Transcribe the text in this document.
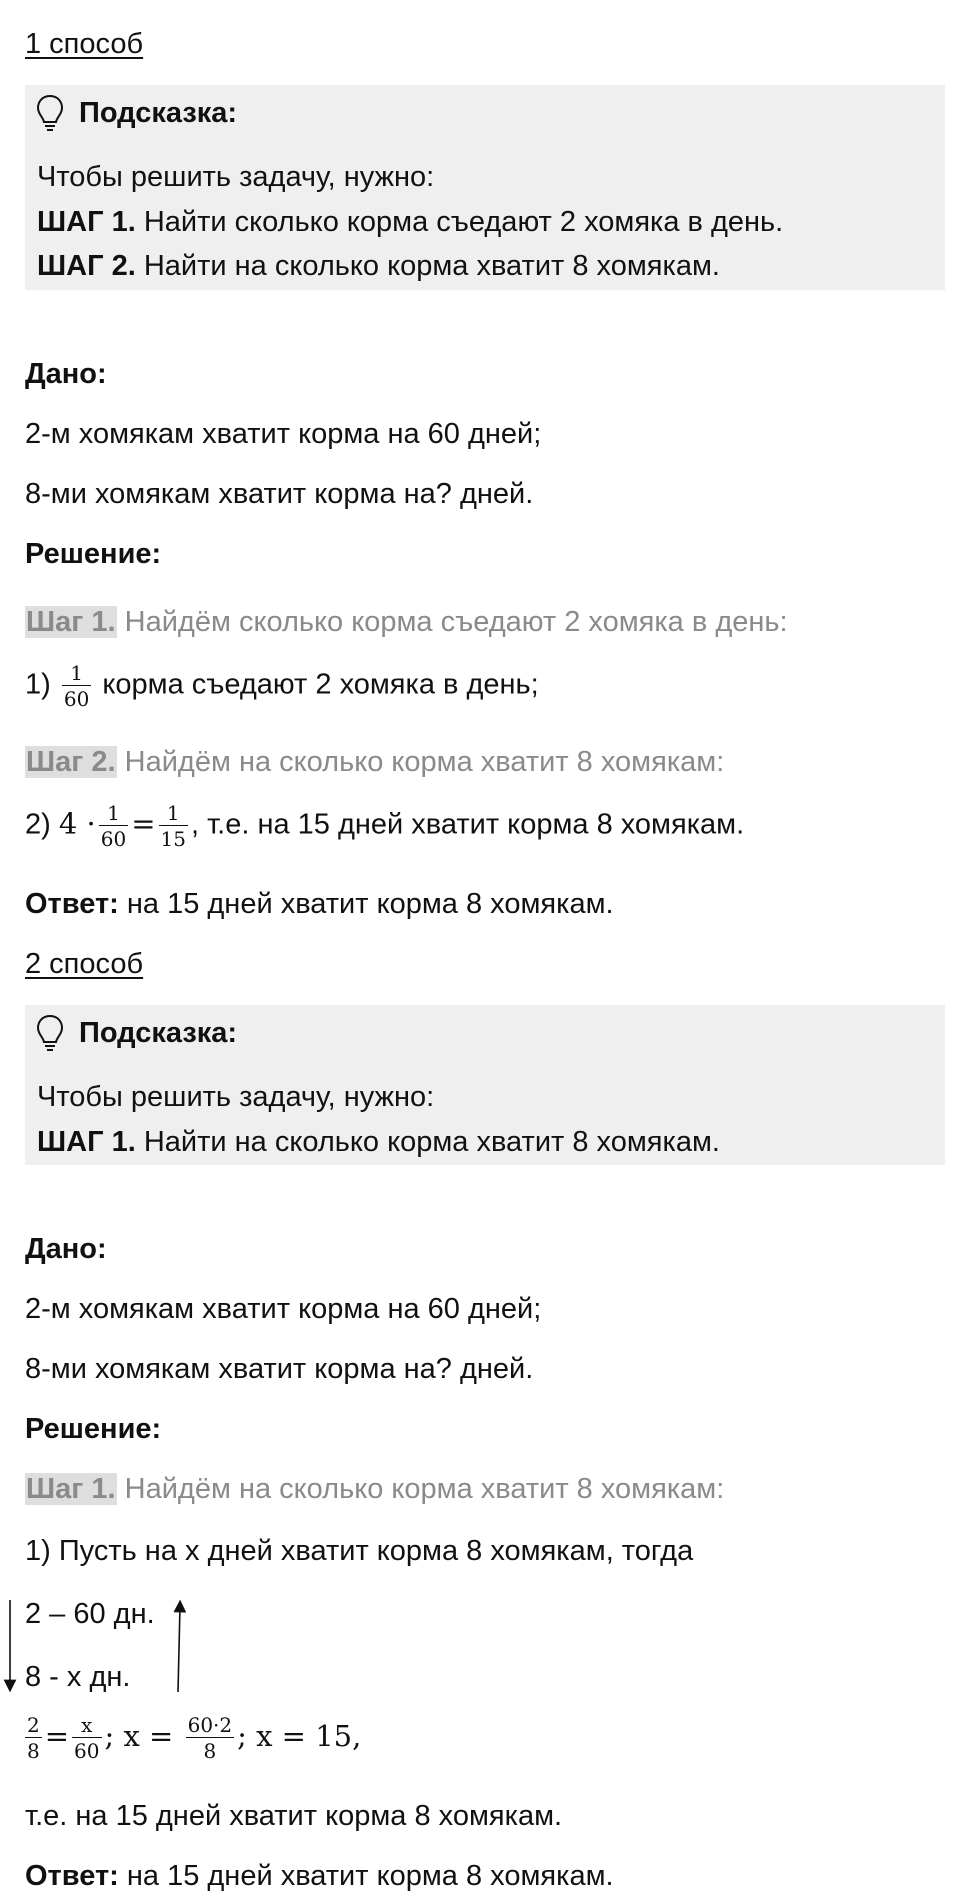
1 способ
Подсказка:
Чтобы решить задачу, нужно:
ШАГ 1. Найти сколько корма съедают 2 хомяка в день.
ШАГ 2. Найти на сколько корма хватит 8 хомякам.
Дано:
2-м хомякам хватит корма на 60 дней;
8-ми хомякам хватит корма на? дней.
Решение:
Шаг 1. Найдём сколько корма съедают 2 хомяка в день:
$1) \frac{1}{60}$ корма съедают 2 хомяка в день;
Шаг 2. Найдём на сколько корма хватит 8 хомякам:
2) $4 \cdot \frac{1}{60} = \frac{1}{15}$ , т.е. на 15 дней хватит корма 8 хомякам.
Ответ: на 15 дней хватит корма 8 хомякам.
2 способ
Подсказка:
Чтобы решить задачу, нужно:
ШАГ 1. Найти на сколько корма хватит 8 хомякам.
Дано:
2-м хомякам хватит корма на 60 дней;
8-ми хомякам хватит корма на? дней.
Решение:
Шаг 1. Найдём на сколько корма хватит 8 хомякам:
1) Пусть на х дней хватит корма 8 хомякам, тогда
2 – 60 дн.
8 - х дн.
$\frac{2}{8} = \frac{x}{60}$ ; $x = \frac{60\cdot 2}{8}$ ; x = 15,
т.е. на 15 дней хватит корма 8 хомякам.
Ответ: на 15 дней хватит корма 8 хомякам.
